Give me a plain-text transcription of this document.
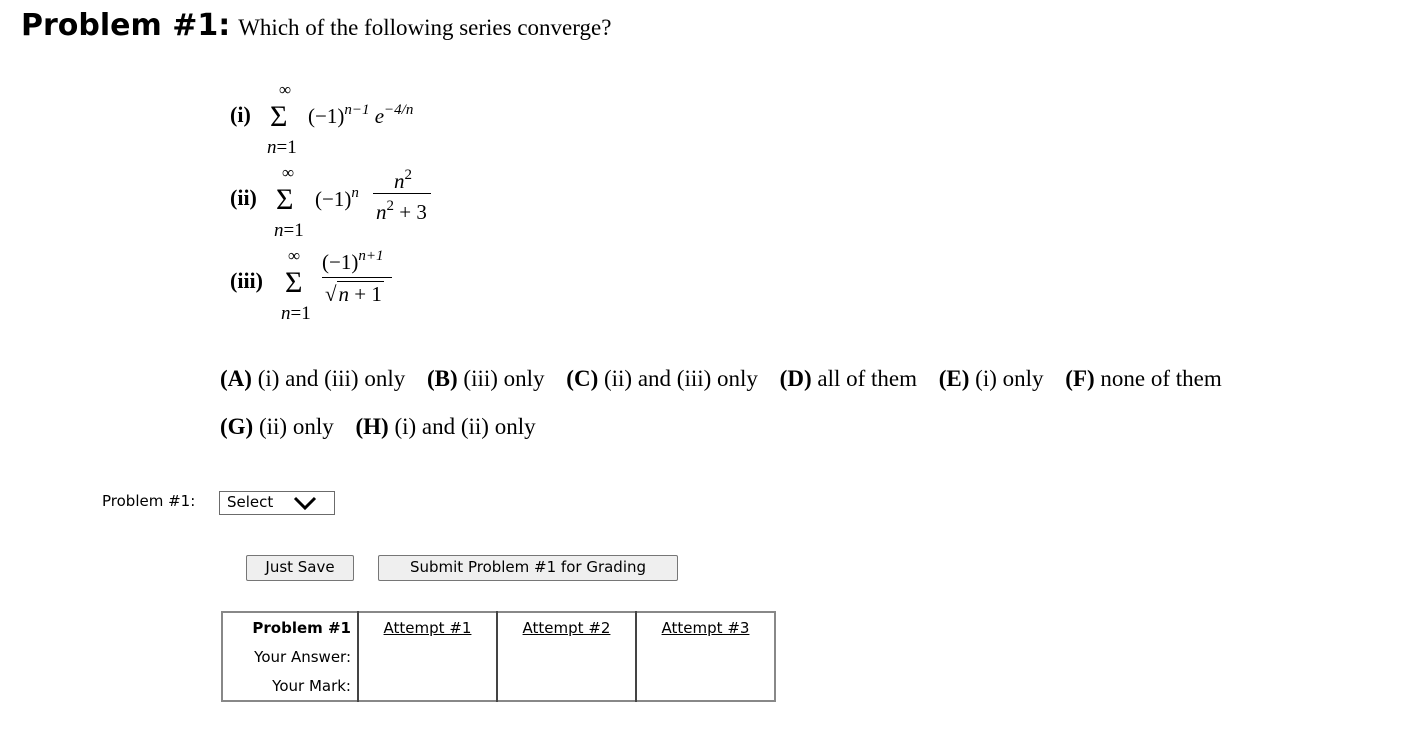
Problem #1: Which of the following series converge?
(i)
∞
Σ
n=1
$(-1)^{n-1}$ $e^{-4/n}$
(ii)
∞
Σ
n=1
$(-1)^n$ $n^2$
$n^2 + 3$
(iii)
∞
Σ
n=1
$(-1)^{n+1}$
√n + 1
(A) (i) and (iii) only (B) (iii) only (C) (ii) and (iii) only (D) all of them (E) (i) only (F) none of them
(G) (ii) only (H) (i) and (ii) only
Problem #1:	Select
Just Save	Submit Problem #1 for Grading
Problem #1	Attempt #1	Attempt #2	Attempt #3
Your Answer:			
Your Mark:			
